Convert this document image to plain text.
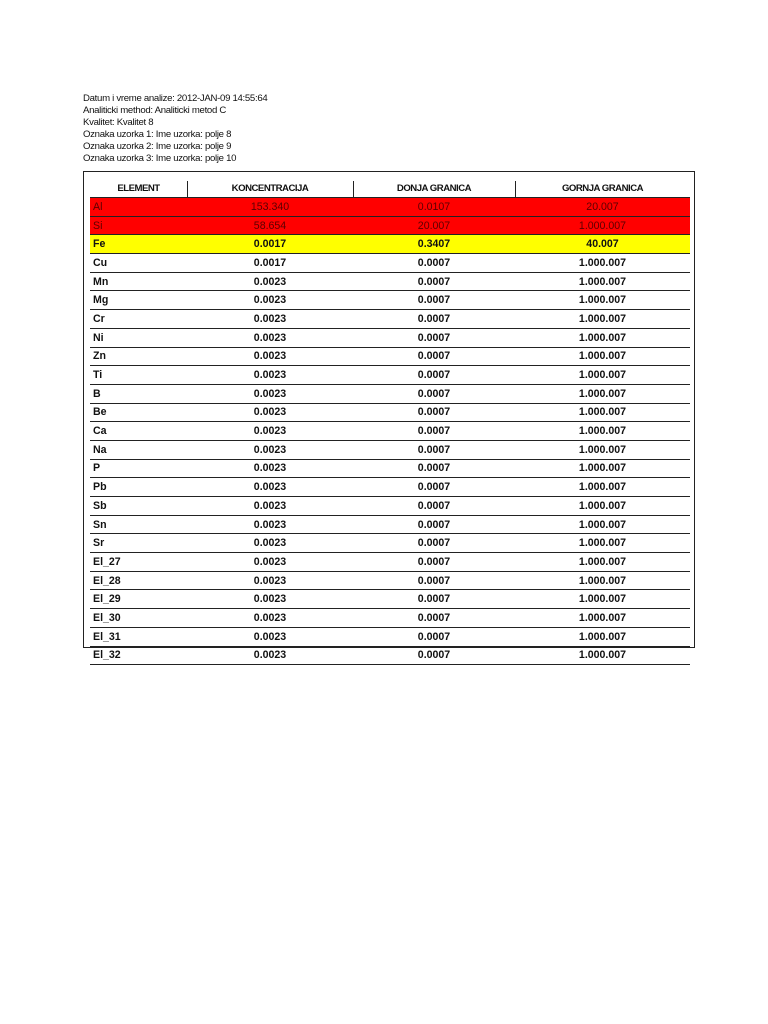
Datum i vreme analize: 2012-JAN-09 14:55:64
Analiticki method: Analiticki metod C
Kvalitet: Kvalitet 8
Oznaka uzorka 1: Ime uzorka: polje 8
Oznaka uzorka 2: Ime uzorka: polje 9
Oznaka uzorka 3: Ime uzorka: polje 10
ELEMENT	KONCENTRACIJA	DONJA GRANICA	GORNJA GRANICA
Al	153.340	0.0107	20.007
Si	58.654	20.007	1.000.007
Fe	0.0017	0.3407	40.007
Cu	0.0017	0.0007	1.000.007
Mn	0.0023	0.0007	1.000.007
Mg	0.0023	0.0007	1.000.007
Cr	0.0023	0.0007	1.000.007
Ni	0.0023	0.0007	1.000.007
Zn	0.0023	0.0007	1.000.007
Ti	0.0023	0.0007	1.000.007
B	0.0023	0.0007	1.000.007
Be	0.0023	0.0007	1.000.007
Ca	0.0023	0.0007	1.000.007
Na	0.0023	0.0007	1.000.007
P	0.0023	0.0007	1.000.007
Pb	0.0023	0.0007	1.000.007
Sb	0.0023	0.0007	1.000.007
Sn	0.0023	0.0007	1.000.007
Sr	0.0023	0.0007	1.000.007
El_27	0.0023	0.0007	1.000.007
El_28	0.0023	0.0007	1.000.007
El_29	0.0023	0.0007	1.000.007
El_30	0.0023	0.0007	1.000.007
El_31	0.0023	0.0007	1.000.007
El_32	0.0023	0.0007	1.000.007
